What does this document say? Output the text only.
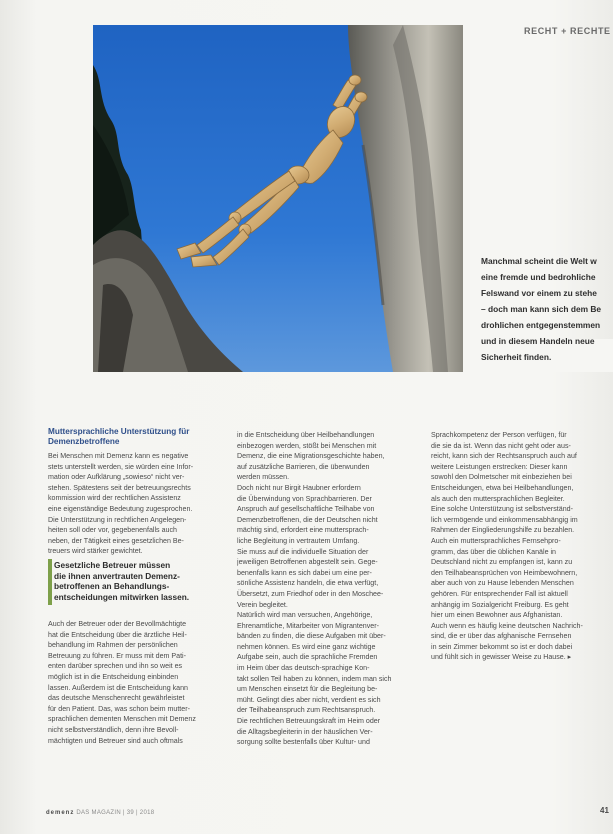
RECHT + RECHTE
Manchmal scheint die Welt w
eine fremde und bedrohliche
Felswand vor einem zu stehe
– doch man kann sich dem Be
drohlichen entgegenstemmen
und in diesem Handeln neue
Sicherheit finden.
Muttersprachliche Unterstützung für Demenzbetroffene

Bei Menschen mit Demenz kann es negative

stets unterstellt werden, sie würden eine Infor-

mation oder Aufklärung „sowieso“ nicht ver-

stehen. Spätestens seit der betreuungsrechts

kommission wird der rechtlichen Assistenz

eine eigenständige Bedeutung zugesprochen.

Die Unterstützung in rechtlichen Angelegen-

heiten soll oder vor, gegebenenfalls auch

neben, der Tätigkeit eines gesetzlichen Be-

treuers wird stärker gewichtet.

Gesetzliche Betreuer müssen
die ihnen anvertrauten Demenz-
betroffenen an Behandlungs-
entscheidungen mitwirken lassen.

Auch der Betreuer oder der Bevollmächtigte

hat die Entscheidung über die ärztliche Heil-

behandlung im Rahmen der persönlichen

Betreuung zu führen. Er muss mit dem Pati-

enten darüber sprechen und ihn so weit es

möglich ist in die Entscheidung einbinden

lassen. Außerdem ist die Entscheidung kann

das deutsche Menschenrecht gewährleistet

für den Patient. Das, was schon beim mutter-

sprachlichen dementen Menschen mit Demenz

nicht selbstverständlich, denn ihre Bevoll-

mächtigten und Betreuer sind auch oftmals

in die Entscheidung über Heilbehandlungen

einbezogen werden, stößt bei Menschen mit

Demenz, die eine Migrationsgeschichte haben,

auf zusätzliche Barrieren, die überwunden

werden müssen.

Doch nicht nur Birgit Haubner erfordern

die Überwindung von Sprachbarrieren. Der

Anspruch auf gesellschaftliche Teilhabe von

Demenzbetroffenen, die der Deutschen nicht

mächtig sind, erfordert eine muttersprach-

liche Begleitung in vertrautem Umfang.

Sie muss auf die individuelle Situation der

jeweiligen Betroffenen abgestellt sein. Gege-

benenfalls kann es sich dabei um eine per-

sönliche Assistenz handeln, die etwa verfügt,

Übersetzt, zum Friedhof oder in den Moschee-

Verein begleitet.

Natürlich wird man versuchen, Angehörige,

Ehrenamtliche, Mitarbeiter von Migrantenver-

bänden zu finden, die diese Aufgaben mit über-

nehmen können. Es wird eine ganz wichtige

Aufgabe sein, auch die sprachliche Fremden

im Heim über das deutsch-sprachige Kon-

takt sollen Teil haben zu können, indem man sich

um Menschen einsetzt für die Begleitung be-

müht. Gelingt dies aber nicht, verdient es sich

der Teilhabeanspruch zum Rechtsanspruch.

Die rechtlichen Betreuungskraft im Heim oder

die Alltagsbegleiterin in der häuslichen Ver-

sorgung sollte bestenfalls über Kultur- und

Sprachkompetenz der Person verfügen, für

die sie da ist. Wenn das nicht geht oder aus-

reicht, kann sich der Rechtsanspruch auch auf

weitere Leistungen erstrecken: Dieser kann

sowohl den Dolmetscher mit einbeziehen bei

Entscheidungen, etwa bei Heilbehandlungen,

als auch den muttersprachlichen Begleiter.

Eine solche Unterstützung ist selbstverständ-

lich vermögende und einkommensabhängig im

Rahmen der Eingliederungshilfe zu bezahlen.

Auch ein muttersprachliches Fernsehpro-

gramm, das über die üblichen Kanäle in

Deutschland nicht zu empfangen ist, kann zu

den Teilhabeansprüchen von Heimbewohnern,

aber auch von zu Hause lebenden Menschen

gehören. Für entsprechender Fall ist aktuell

anhängig im Sozialgericht Freiburg. Es geht

hier um einen Bewohner aus Afghanistan.

Auch wenn es häufig keine deutschen Nachrich-

sind, die er über das afghanische Fernsehen

in sein Zimmer bekommt so ist er doch dabei

und fühlt sich in gewisser Weise zu Hause. ▸

demenz DAS MAGAZIN | 39 | 2018	41
